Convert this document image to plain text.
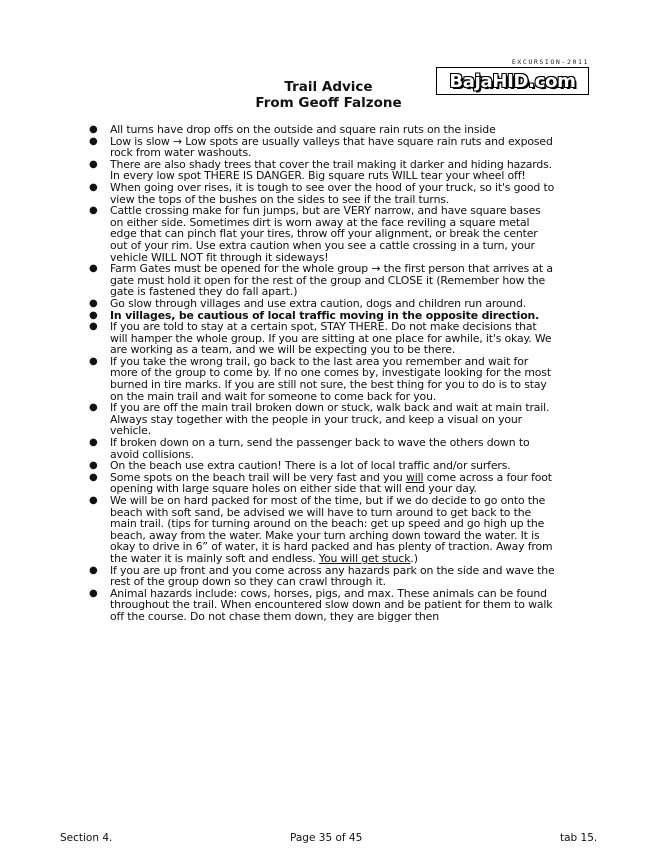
Trail Advice
From Geoff Falzone
EXCURSION-2011
BajaHID.com
● All turns have drop offs on the outside and square rain ruts on the inside
● Low is slow → Low spots are usually valleys that have square rain ruts and exposed rock from water washouts.
● There are also shady trees that cover the trail making it darker and hiding hazards. In every low spot THERE IS DANGER. Big square ruts WILL tear your wheel off!
● When going over rises, it is tough to see over the hood of your truck, so it's good to view the tops of the bushes on the sides to see if the trail turns.
● Cattle crossing make for fun jumps, but are VERY narrow, and have square bases on either side. Sometimes dirt is worn away at the face reviling a square metal edge that can pinch flat your tires, throw off your alignment, or break the center out of your rim. Use extra caution when you see a cattle crossing in a turn, your vehicle WILL NOT fit through it sideways!
● Farm Gates must be opened for the whole group → the first person that arrives at a gate must hold it open for the rest of the group and CLOSE it (Remember how the gate is fastened they do fall apart.)
● Go slow through villages and use extra caution, dogs and children run around.
● In villages, be cautious of local traffic moving in the opposite direction.
● If you are told to stay at a certain spot, STAY THERE. Do not make decisions that will hamper the whole group. If you are sitting at one place for awhile, it's okay. We are working as a team, and we will be expecting you to be there.
● If you take the wrong trail, go back to the last area you remember and wait for more of the group to come by. If no one comes by, investigate looking for the most burned in tire marks. If you are still not sure, the best thing for you to do is to stay on the main trail and wait for someone to come back for you.
● If you are off the main trail broken down or stuck, walk back and wait at main trail. Always stay together with the people in your truck, and keep a visual on your vehicle.
● If broken down on a turn, send the passenger back to wave the others down to avoid collisions.
● On the beach use extra caution! There is a lot of local traffic and/or surfers.
● Some spots on the beach trail will be very fast and you will come across a four foot opening with large square holes on either side that will end your day.
● We will be on hard packed for most of the time, but if we do decide to go onto the beach with soft sand, be advised we will have to turn around to get back to the main trail. (tips for turning around on the beach: get up speed and go high up the beach, away from the water. Make your turn arching down toward the water. It is okay to drive in 6” of water, it is hard packed and has plenty of traction. Away from the water it is mainly soft and endless. You will get stuck.)
● If you are up front and you come across any hazards park on the side and wave the rest of the group down so they can crawl through it.
● Animal hazards include: cows, horses, pigs, and max. These animals can be found throughout the trail. When encountered slow down and be patient for them to walk off the course. Do not chase them down, they are bigger then
Section 4.	Page 35 of 45	tab 15.
